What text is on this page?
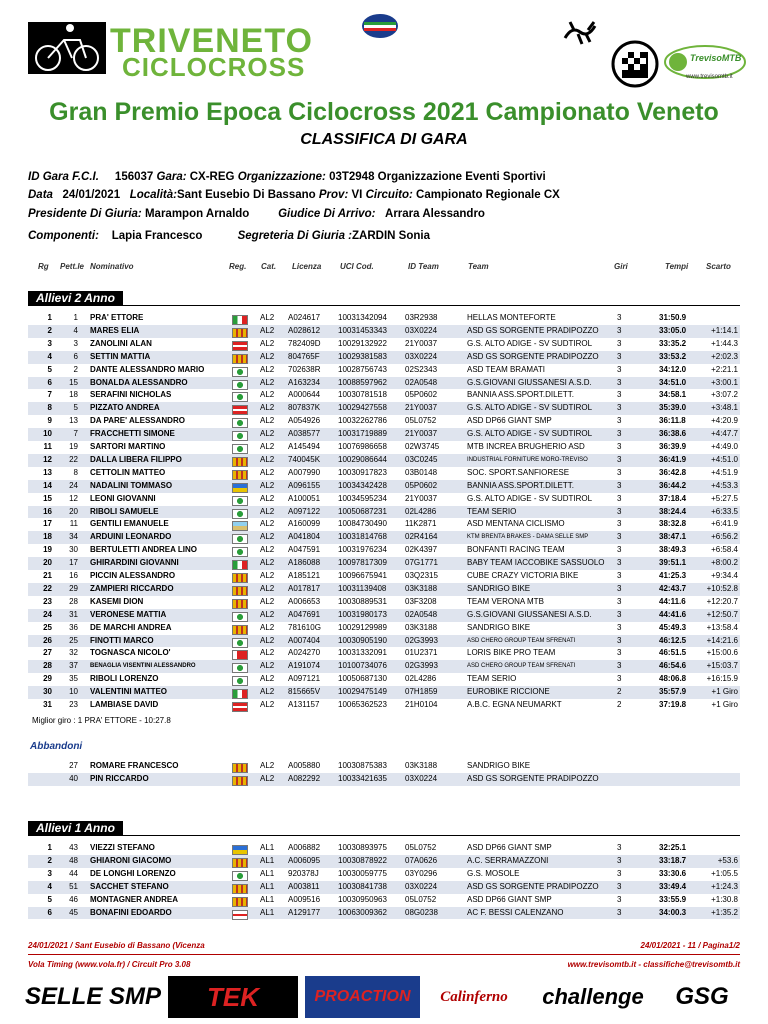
TRIVENETO
CICLOCROSS	TrevisoMTB
www.trevisomtb.it
Gran Premio Epoca Ciclocross 2021 Campionato Veneto
CLASSIFICA DI GARA
ID Gara F.C.I. 156037 Gara: CX-REG Organizzazione: 03T2948 Organizzazione Eventi Sportivi
Data 24/01/2021 Località:Sant Eusebio Di Bassano Prov: VI Circuito: Campionato Regionale CX
Presidente Di Giuria: Marampon Arnaldo	Giudice Di Arrivo: Arrara Alessandro
Componenti: Lapia Francesco	Segreteria Di Giuria :ZARDIN Sonia
Rg Pett.le Nominativo	Reg. Cat. Licenza UCI Cod.	ID Team	Team	Giri	Tempi Scarto
Allievi 2 Anno
1	1 PRA' ETTORE	AL2 A024617 10031342094 03R2938	HELLAS MONTEFORTE	3	31:50.9
2	4 MARES ELIA	AL2 A028612 10031453343 03X0224	ASD GS SORGENTE PRADIPOZZO 3	33:05.0	+1:14.1
3	3 ZANOLINI ALAN	AL2 782409D 10029132922 21Y0037	G.S. ALTO ADIGE - SV SUDTIROL	3	33:35.2	+1:44.3
4	6 SETTIN MATTIA	AL2 804765F 10029381583 03X0224	ASD GS SORGENTE PRADIPOZZO 3	33:53.2	+2:02.3
5	2 DANTE ALESSANDRO MARIO	AL2 702638R 10028756743 02S2343	ASD TEAM BRAMATI	3	34:12.0	+2:21.1
6	15 BONALDA ALESSANDRO	AL2 A163234 10088597962 02A0548	G.S.GIOVANI GIUSSANESI A.S.D.	3	34:51.0	+3:00.1
7	18 SERAFINI NICHOLAS	AL2 A000644 10030781518 05P0602	BANNIA ASS.SPORT.DILETT.	3	34:58.1	+3:07.2
8	5 PIZZATO ANDREA	AL2 807837K 10029427558 21Y0037	G.S. ALTO ADIGE - SV SUDTIROL	3	35:39.0	+3:48.1
9	13 DA PARE' ALESSANDRO	AL2 A054926 10032262786 05L0752	ASD DP66 GIANT SMP	3	36:11.8	+4:20.9
10	7 FRACCHETTI SIMONE	AL2 A038577 10031719889 21Y0037	G.S. ALTO ADIGE - SV SUDTIROL	3	36:38.6	+4:47.7
11	19 SARTORI MARTINO	AL2 A145494 10076986658 02W3745	MTB INCREA BRUGHERIO ASD	3	36:39.9	+4:49.0
12	22 DALLA LIBERA FILIPPO	AL2 740045K 10029086644 03C0245	INDUSTRIAL FORNITURE MORO-TREVISO	3	36:41.9	+4:51.0
13	8 CETTOLIN MATTEO	AL2 A007990 10030917823 03B0148	SOC. SPORT.SANFIORESE	3	36:42.8	+4:51.9
14	24 NADALINI TOMMASO	AL2 A096155 10034342428 05P0602	BANNIA ASS.SPORT.DILETT.	3	36:44.2	+4:53.3
15	12 LEONI GIOVANNI	AL2 A100051 10034595234 21Y0037	G.S. ALTO ADIGE - SV SUDTIROL	3	37:18.4	+5:27.5
16	20 RIBOLI SAMUELE	AL2 A097122 10050687231 02L4286	TEAM SERIO	3	38:24.4	+6:33.5
17	11 GENTILI EMANUELE	AL2 A160099 10084730490 11K2871	ASD MENTANA CICLISMO	3	38:32.8	+6:41.9
18	34 ARDUINI LEONARDO	AL2 A041804 10031814768 02R4164	KTM BRENTA BRAKES - DAMA SELLE SMP	3	38:47.1	+6:56.2
19	30 BERTULETTI ANDREA LINO	AL2 A047591 10031976234 02K4397	BONFANTI RACING TEAM	3	38:49.3	+6:58.4
20	17 GHIRARDINI GIOVANNI	AL2 A186088 10097817309 07G1771	BABY TEAM IACCOBIKE SASSUOLO 3	39:51.1	+8:00.2
21	16 PICCIN ALESSANDRO	AL2 A185121 10096675941 03Q2315	CUBE CRAZY VICTORIA BIKE	3	41:25.3	+9:34.4
22	29 ZAMPIERI RICCARDO	AL2 A017817 10031139408 03K3188	SANDRIGO BIKE	3	42:43.7	+10:52.8
23	28 KASEMI DION	AL2 A006653 10030889531 03F3208	TEAM VERONA MTB	3	44:11.6	+12:20.7
24	31 VERONESE MATTIA	AL2 A047691 10031980173 02A0548	G.S.GIOVANI GIUSSANESI A.S.D.	3	44:41.6	+12:50.7
25	36 DE MARCHI ANDREA	AL2 781610G 10029129989 03K3188	SANDRIGO BIKE	3	45:49.3	+13:58.4
26	25 FINOTTI MARCO	AL2 A007404 10030905190 02G3993	ASD CHERO GROUP TEAM SFRENATI	3	46:12.5	+14:21.6
27	32 TOGNASCA NICOLO'	AL2 A024270 10031332091 01U2371	LORIS BIKE PRO TEAM	3	46:51.5	+15:00.6
28	37 BENAGLIA VISENTINI ALESSANDRO	AL2 A191074 10100734076 02G3993	ASD CHERO GROUP TEAM SFRENATI	3	46:54.6	+15:03.7
29	35 RIBOLI LORENZO	AL2 A097121 10050687130 02L4286	TEAM SERIO	3	48:06.8	+16:15.9
30	10 VALENTINI MATTEO	AL2 815665V 10029475149 07H1859	EUROBIKE RICCIONE	2	35:57.9	+1 Giro
31	23 LAMBIASE DAVID	AL2 A131157 10065362523 21H0104	A.B.C. EGNA NEUMARKT	2	37:19.8	+1 Giro
Miglior giro : 1 PRA' ETTORE - 10:27.8
Abbandoni
27 ROMARE FRANCESCO	AL2 A005880 10030875383 03K3188	SANDRIGO BIKE
40 PIN RICCARDO	AL2 A082292 10033421635 03X0224	ASD GS SORGENTE PRADIPOZZO
Allievi 1 Anno
1	43 VIEZZI STEFANO	AL1 A006882 10030893975 05L0752	ASD DP66 GIANT SMP	3	32:25.1
2	48 GHIARONI GIACOMO	AL1 A006095 10030878922 07A0626	A.C. SERRAMAZZONI	3	33:18.7	+53.6
3	44 DE LONGHI LORENZO	AL1 920378J 10030059775 03Y0296	G.S. MOSOLE	3	33:30.6	+1:05.5
4	51 SACCHET STEFANO	AL1 A003811 10030841738 03X0224	ASD GS SORGENTE PRADIPOZZO 3	33:49.4	+1:24.3
5	46 MONTAGNER ANDREA	AL1 A009516 10030950963 05L0752	ASD DP66 GIANT SMP	3	33:55.9	+1:30.8
6	45 BONAFINI EDOARDO	AL1 A129177 10063009362 08G0238	AC F. BESSI CALENZANO	3	34:00.3	+1:35.2
24/01/2021 / Sant Eusebio di Bassano (Vicenza	24/01/2021 - 11 / Pagina1/2
Vola Timing (www.vola.fr) / Circuit Pro 3.08	www.trevisomtb.it - classifiche@trevisomtb.it
SELLE SMP	TEK	PROACTION	Calinferno	challenge	GSG
